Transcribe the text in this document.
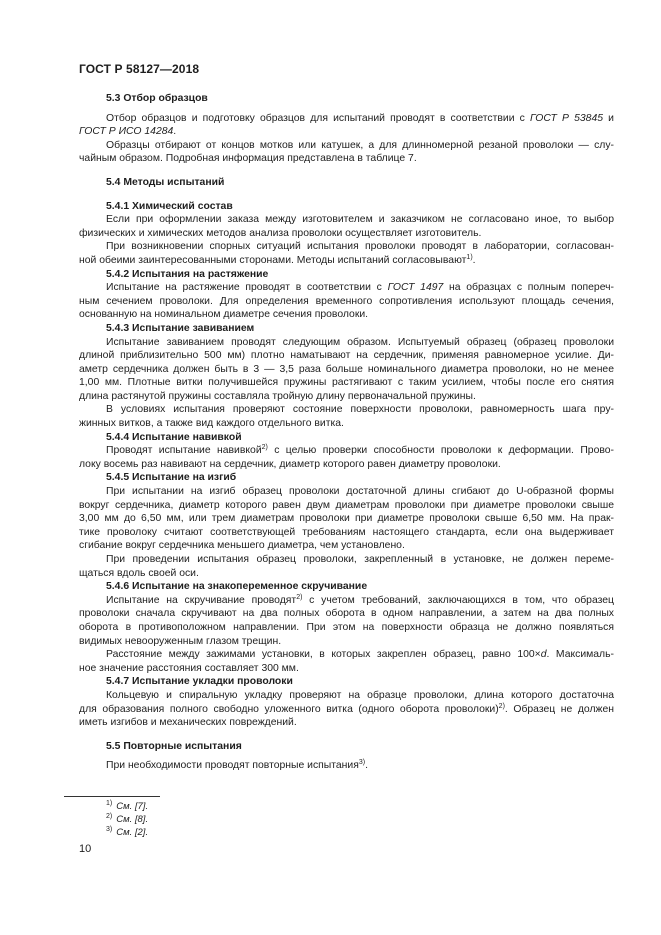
ГОСТ Р 58127—2018
5.3 Отбор образцов
Отбор образцов и подготовку образцов для испытаний проводят в соответствии с ГОСТ Р 53845 и
ГОСТ Р ИСО 14284.
Образцы отбирают от концов мотков или катушек, а для длинномерной резаной проволоки — слу-
чайным образом. Подробная информация представлена в таблице 7.
5.4 Методы испытаний
5.4.1 Химический состав
Если при оформлении заказа между изготовителем и заказчиком не согласовано иное, то выбор
физических и химических методов анализа проволоки осуществляет изготовитель.
При возникновении спорных ситуаций испытания проволоки проводят в лаборатории, согласован-
ной обеими заинтересованными сторонами. Методы испытаний согласовывают$^{1)}$.
5.4.2 Испытания на растяжение
Испытание на растяжение проводят в соответствии с ГОСТ 1497 на образцах с полным попереч-
ным сечением проволоки. Для определения временного сопротивления используют площадь сечения,
основанную на номинальном диаметре сечения проволоки.
5.4.3 Испытание завиванием
Испытание завиванием проводят следующим образом. Испытуемый образец (образец проволоки
длиной приблизительно 500 мм) плотно наматывают на сердечник, применяя равномерное усилие. Ди-
аметр сердечника должен быть в 3 — 3,5 раза больше номинального диаметра проволоки, но не менее
1,00 мм. Плотные витки получившейся пружины растягивают с таким усилием, чтобы после его снятия
длина растянутой пружины составляла тройную длину первоначальной пружины.
В условиях испытания проверяют состояние поверхности проволоки, равномерность шага пру-
жинных витков, а также вид каждого отдельного витка.
5.4.4 Испытание навивкой
Проводят испытание навивкой$^{2)}$ с целью проверки способности проволоки к деформации. Прово-
локу восемь раз навивают на сердечник, диаметр которого равен диаметру проволоки.
5.4.5 Испытание на изгиб
При испытании на изгиб образец проволоки достаточной длины сгибают до U-образной формы
вокруг сердечника, диаметр которого равен двум диаметрам проволоки при диаметре проволоки свыше
3,00 мм до 6,50 мм, или трем диаметрам проволоки при диаметре проволоки свыше 6,50 мм. На прак-
тике проволоку считают соответствующей требованиям настоящего стандарта, если она выдерживает
сгибание вокруг сердечника меньшего диаметра, чем установлено.
При проведении испытания образец проволоки, закрепленный в установке, не должен переме-
щаться вдоль своей оси.
5.4.6 Испытание на знакопеременное скручивание
Испытание на скручивание проводят$^{2)}$ с учетом требований, заключающихся в том, что образец
проволоки сначала скручивают на два полных оборота в одном направлении, а затем на два полных
оборота в противоположном направлении. При этом на поверхности образца не должно появляться
видимых невооруженным глазом трещин.
Расстояние между зажимами установки, в которых закреплен образец, равно 100×d. Максималь-
ное значение расстояния составляет 300 мм.
5.4.7 Испытание укладки проволоки
Кольцевую и спиральную укладку проверяют на образце проволоки, длина которого достаточна
для образования полного свободно уложенного витка (одного оборота проволоки)$^{2)}$. Образец не должен
иметь изгибов и механических повреждений.
5.5 Повторные испытания
При необходимости проводят повторные испытания$^{3)}$.
$^{1)}$ См. [7].
$^{2)}$ См. [8].
$^{3)}$ См. [2].
10
